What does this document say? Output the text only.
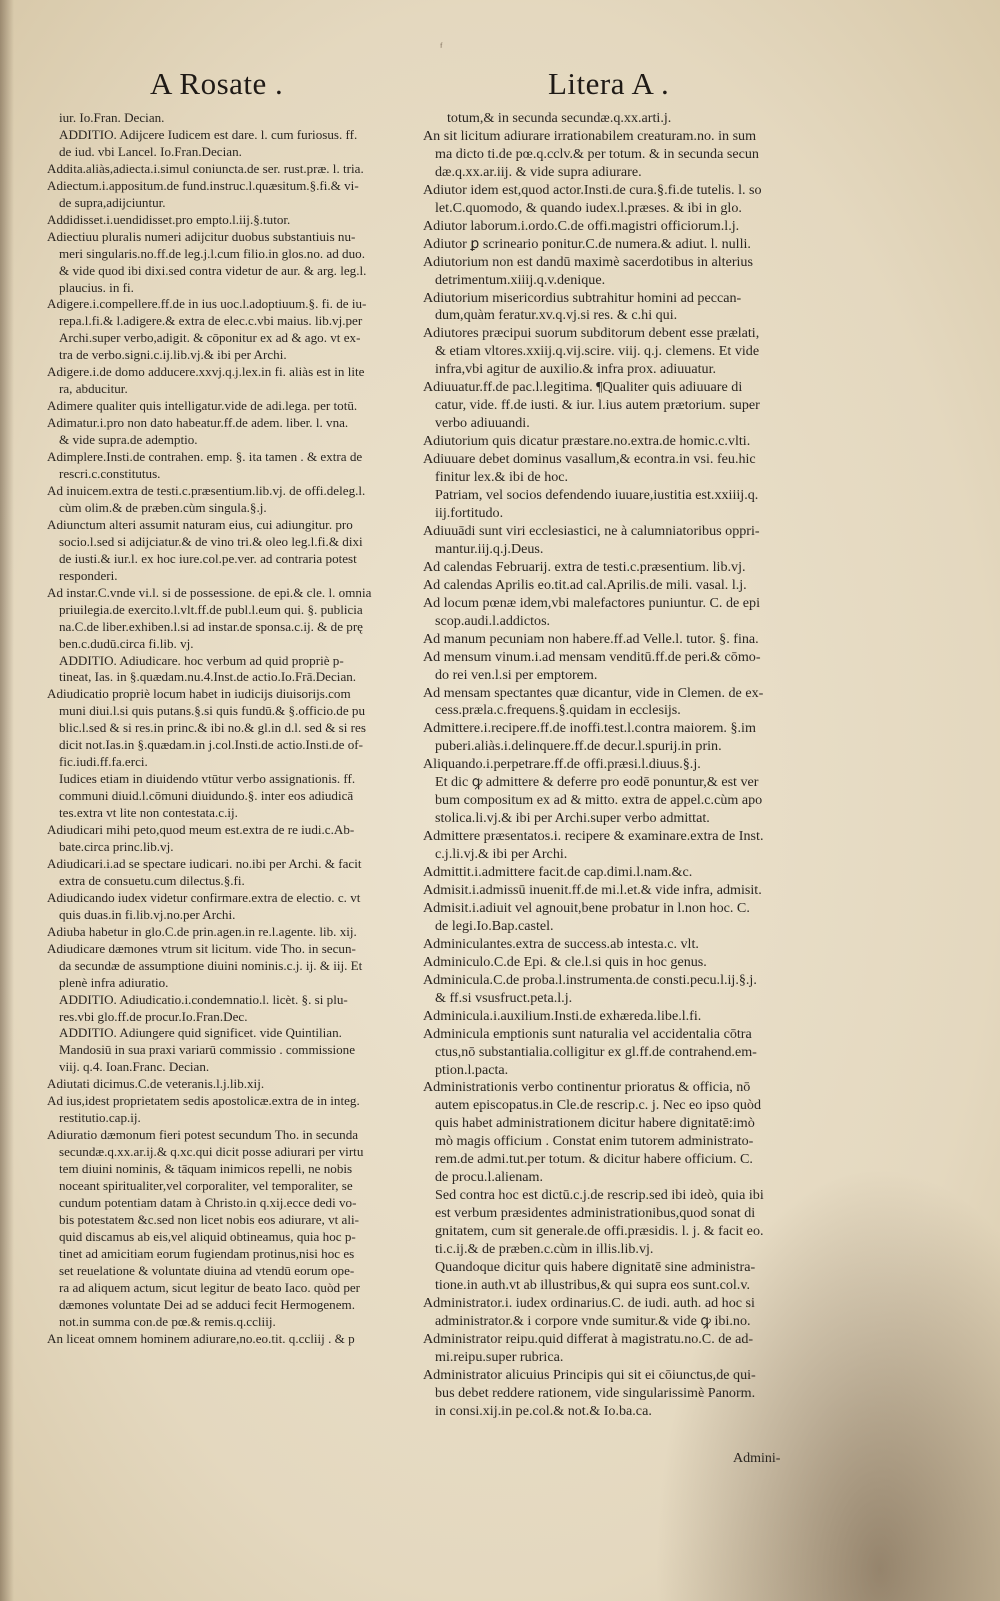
ᶠ
A Rosate .	Litera A .
iur. Io.Fran. Decian.
ADDITIO. Adijcere Iudicem est dare. l. cum furiosus. ff.
de iud. vbi Lancel. Io.Fran.Decian.
Addita.aliàs,adiecta.i.simul coniuncta.de ser. rust.præ. l. tria.
Adiectum.i.appositum.de fund.instruc.l.quæsitum.§.fi.& vi-
de supra,adijciuntur.
Addidisset.i.uendidisset.pro empto.l.iij.§.tutor.
Adiectiuu pluralis numeri adijcitur duobus substantiuis nu-
meri singularis.no.ff.de leg.j.l.cum filio.in glos.no. ad duo.
& vide quod ibi dixi.sed contra videtur de aur. & arg. leg.l.
plaucius. in fi.
Adigere.i.compellere.ff.de in ius uoc.l.adoptiuum.§. fi. de iu-
repa.l.fi.& l.adigere.& extra de elec.c.vbi maius. lib.vj.per
Archi.super verbo,adigit. & cōponitur ex ad & ago. vt ex-
tra de verbo.signi.c.ij.lib.vj.& ibi per Archi.
Adigere.i.de domo adducere.xxvj.q.j.lex.in fi. aliàs est in lite
ra, abducitur.
Adimere qualiter quis intelligatur.vide de adi.lega. per totū.
Adimatur.i.pro non dato habeatur.ff.de adem. liber. l. vna.
& vide supra.de ademptio.
Adimplere.Insti.de contrahen. emp. §. ita tamen . & extra de
rescri.c.constitutus.
Ad inuicem.extra de testi.c.præsentium.lib.vj. de offi.deleg.l.
cùm olim.& de præben.cùm singula.§.j.
Adiunctum alteri assumit naturam eius, cui adiungitur. pro
socio.l.sed si adijciatur.& de vino tri.& oleo leg.l.fi.& dixi
de iusti.& iur.l. ex hoc iure.col.pe.ver. ad contraria potest
responderi.
Ad instar.C.vnde vi.l. si de possessione. de epi.& cle. l. omnia
priuilegia.de exercito.l.vlt.ff.de publ.l.eum qui. §. publicia
na.C.de liber.exhiben.l.si ad instar.de sponsa.c.ij. & de prę
ben.c.dudū.circa fi.lib. vj.
ADDITIO. Adiudicare. hoc verbum ad quid propriè p-
tineat, Ias. in §.quædam.nu.4.Inst.de actio.Io.Frā.Decian.
Adiudicatio propriè locum habet in iudicijs diuisorijs.com
muni diui.l.si quis putans.§.si quis fundū.& §.officio.de pu
blic.l.sed & si res.in princ.& ibi no.& gl.in d.l. sed & si res
dicit not.Ias.in §.quædam.in j.col.Insti.de actio.Insti.de of-
fic.iudi.ff.fa.erci.
Iudices etiam in diuidendo vtūtur verbo assignationis. ff.
communi diuid.l.cōmuni diuidundo.§. inter eos adiudicā
tes.extra vt lite non contestata.c.ij.
Adiudicari mihi peto,quod meum est.extra de re iudi.c.Ab-
bate.circa princ.lib.vj.
Adiudicari.i.ad se spectare iudicari. no.ibi per Archi. & facit
extra de consuetu.cum dilectus.§.fi.
Adiudicando iudex videtur confirmare.extra de electio. c. vt
quis duas.in fi.lib.vj.no.per Archi.
Adiuba habetur in glo.C.de prin.agen.in re.l.agente. lib. xij.
Adiudicare dæmones vtrum sit licitum. vide Tho. in secun-
da secundæ de assumptione diuini nominis.c.j. ij. & iij. Et
plenè infra adiuratio.
ADDITIO. Adiudicatio.i.condemnatio.l. licèt. §. si plu-
res.vbi glo.ff.de procur.Io.Fran.Dec.
ADDITIO. Adiungere quid significet. vide Quintilian.
Mandosiū in sua praxi variarū commissio . commissione
viij. q.4. Ioan.Franc. Decian.
Adiutati dicimus.C.de veteranis.l.j.lib.xij.
Ad ius,idest proprietatem sedis apostolicæ.extra de in integ.
restitutio.cap.ij.
Adiuratio dæmonum fieri potest secundum Tho. in secunda
secundæ.q.xx.ar.ij.& q.xc.qui dicit posse adiurari per virtu
tem diuini nominis, & tāquam inimicos repelli, ne nobis
noceant spiritualiter,vel corporaliter, vel temporaliter, se
cundum potentiam datam à Christo.in q.xij.ecce dedi vo-
bis potestatem &c.sed non licet nobis eos adiurare, vt ali-
quid discamus ab eis,vel aliquid obtineamus, quia hoc p-
tinet ad amicitiam eorum fugiendam protinus,nisi hoc es
set reuelatione & voluntate diuina ad vtendū eorum ope-
ra ad aliquem actum, sicut legitur de beato Iaco. quòd per
dæmones voluntate Dei ad se adduci fecit Hermogenem.
not.in summa con.de pœ.& remis.q.ccliij.
An liceat omnem hominem adiurare,no.eo.tit. q.ccliij . & p
totum,& in secunda secundæ.q.xx.arti.j.
An sit licitum adiurare irrationabilem creaturam.no. in sum
ma dicto ti.de pœ.q.cclv.& per totum. & in secunda secun
dæ.q.xx.ar.iij. & vide supra adiurare.
Adiutor idem est,quod actor.Insti.de cura.§.fi.de tutelis. l. so
let.C.quomodo, & quando iudex.l.præses. & ibi in glo.
Adiutor laborum.i.ordo.C.de offi.magistri officiorum.l.j.
Adiutor ꝑ scrineario ponitur.C.de numera.& adiut. l. nulli.
Adiutorium non est dandū maximè sacerdotibus in alterius
detrimentum.xiiij.q.v.denique.
Adiutorium misericordius subtrahitur homini ad peccan-
dum,quàm feratur.xv.q.vj.si res. & c.hi qui.
Adiutores præcipui suorum subditorum debent esse prælati,
& etiam vltores.xxiij.q.vij.scire. viij. q.j. clemens. Et vide
infra,vbi agitur de auxilio.& infra prox. adiuuatur.
Adiuuatur.ff.de pac.l.legitima. ¶Qualiter quis adiuuare di
catur, vide. ff.de iusti. & iur. l.ius autem prætorium. super
verbo adiuuandi.
Adiutorium quis dicatur præstare.no.extra.de homic.c.vlti.
Adiuuare debet dominus vasallum,& econtra.in vsi. feu.hic
finitur lex.& ibi de hoc.
Patriam, vel socios defendendo iuuare,iustitia est.xxiiij.q.
iij.fortitudo.
Adiuuādi sunt viri ecclesiastici, ne à calumniatoribus oppri-
mantur.iij.q.j.Deus.
Ad calendas Februarij. extra de testi.c.præsentium. lib.vj.
Ad calendas Aprilis eo.tit.ad cal.Aprilis.de mili. vasal. l.j.
Ad locum pœnæ idem,vbi malefactores puniuntur. C. de epi
scop.audi.l.addictos.
Ad manum pecuniam non habere.ff.ad Velle.l. tutor. §. fina.
Ad mensum vinum.i.ad mensam venditū.ff.de peri.& cōmo-
do rei ven.l.si per emptorem.
Ad mensam spectantes quæ dicantur, vide in Clemen. de ex-
cess.prælа.c.frequens.§.quidam in ecclesijs.
Admittere.i.recipere.ff.de inoffi.test.l.contra maiorem. §.im
puberi.aliàs.i.delinquere.ff.de decur.l.spurij.in prin.
Aliquando.i.perpetrare.ff.de offi.præsi.l.diuus.§.j.
Et dic ꝙ admittere & deferre pro eodē ponuntur,& est ver
bum compositum ex ad & mitto. extra de appel.c.cùm apo
stolica.li.vj.& ibi per Archi.super verbo admittat.
Admittere præsentatos.i. recipere & examinare.extra de Inst.
c.j.li.vj.& ibi per Archi.
Admittit.i.admittere facit.de cap.dimi.l.nam.&c.
Admisit.i.admissū inuenit.ff.de mi.l.et.& vide infra, admisit.
Admisit.i.adiuit vel agnouit,bene probatur in l.non hoc. C.
de legi.Io.Bap.castel.
Adminiculantes.extra de success.ab intesta.c. vlt.
Adminiculo.C.de Epi. & cle.l.si quis in hoc genus.
Adminicula.C.de proba.l.instrumenta.de consti.pecu.l.ij.§.j.
& ff.si vsusfruct.peta.l.j.
Adminicula.i.auxilium.Insti.de exhæreda.libe.l.fi.
Adminicula emptionis sunt naturalia vel accidentalia cōtra
ctus,nō substantialia.colligitur ex gl.ff.de contrahend.em-
ption.l.pacta.
Administrationis verbo continentur prioratus & officia, nō
autem episcopatus.in Cle.de rescrip.c. j. Nec eo ipso quòd
quis habet administrationem dicitur habere dignitatē:imò
mò magis officium . Constat enim tutorem administrato-
rem.de admi.tut.per totum. & dicitur habere officium. C.
de procu.l.alienam.
Sed contra hoc est dictū.c.j.de rescrip.sed ibi ideò, quia ibi
est verbum præsidentes administrationibus,quod sonat di
gnitatem, cum sit generale.de offi.præsidis. l. j. & facit eo.
ti.c.ij.& de præben.c.cùm in illis.lib.vj.
Quandoque dicitur quis habere dignitatē sine administra-
tione.in auth.vt ab illustribus,& qui supra eos sunt.col.v.
Administrator.i. iudex ordinarius.C. de iudi. auth. ad hoc si
administrator.& i corpore vnde sumitur.& vide ꝙ ibi.no.
Administrator reipu.quid differat à magistratu.no.C. de ad-
mi.reipu.super rubrica.
Administrator alicuius Principis qui sit ei cōiunctus,de qui-
bus debet reddere rationem, vide singularissimè Panorm.
in consi.xij.in pe.col.& not.& Io.ba.ca.
Admini-
